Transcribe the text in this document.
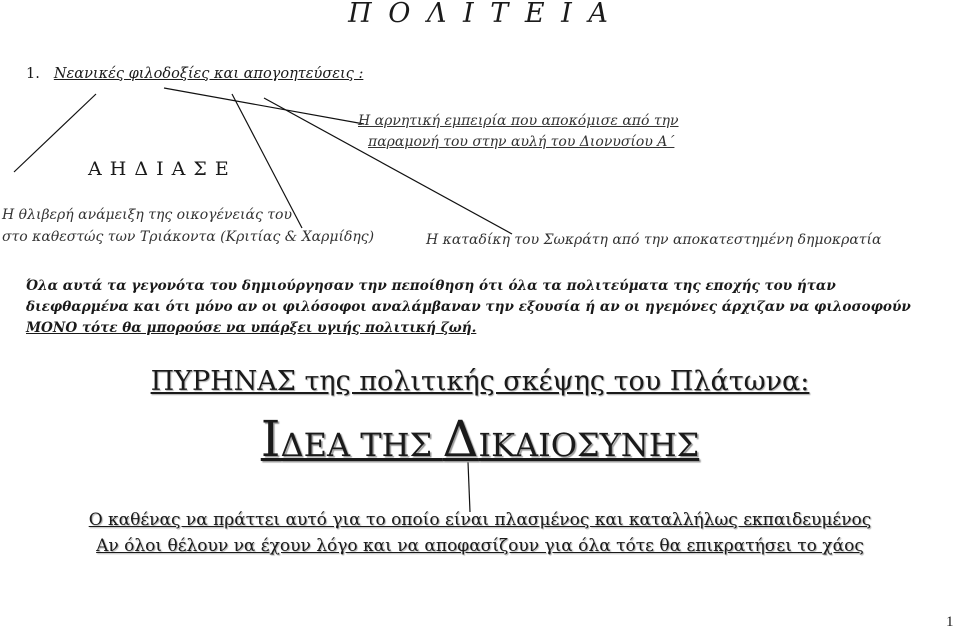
Π Ο Λ Ι Τ Ε Ι Α
1. Νεανικές φιλοδοξίες και απογοητεύσεις :
Η αρνητική εμπειρία που αποκόμισε από την
παραμονή του στην αυλή του Διονυσίου Α΄
Α Η Δ Ι Α Σ Ε
Η θλιβερή ανάμειξη της οικογένειάς του
στο καθεστώς των Τριάκοντα (Κριτίας & Χαρμίδης)	Η καταδίκη του Σωκράτη από την αποκατεστημένη δημοκρατία
Όλα αυτά τα γεγονότα του δημιούργησαν την πεποίθηση ότι όλα τα πολιτεύματα της εποχής του ήταν
διεφθαρμένα και ότι μόνο αν οι φιλόσοφοι αναλάμβαναν την εξουσία ή αν οι ηγεμόνες άρχιζαν να φιλοσοφούν
ΜΟΝΟ τότε θα μπορούσε να υπάρξει υγιής πολιτική ζωή.
ΠΥΡΗΝΑΣ της πολιτικής σκέψης του Πλάτωνα:
ΙΔΕΑ ΤΗΣ ΔΙΚΑΙΟΣΥΝΗΣ
Ο καθένας να πράττει αυτό για το οποίο είναι πλασμένος και καταλλήλως εκπαιδευμένος
Αν όλοι θέλουν να έχουν λόγο και να αποφασίζουν για όλα τότε θα επικρατήσει το χάος
1
